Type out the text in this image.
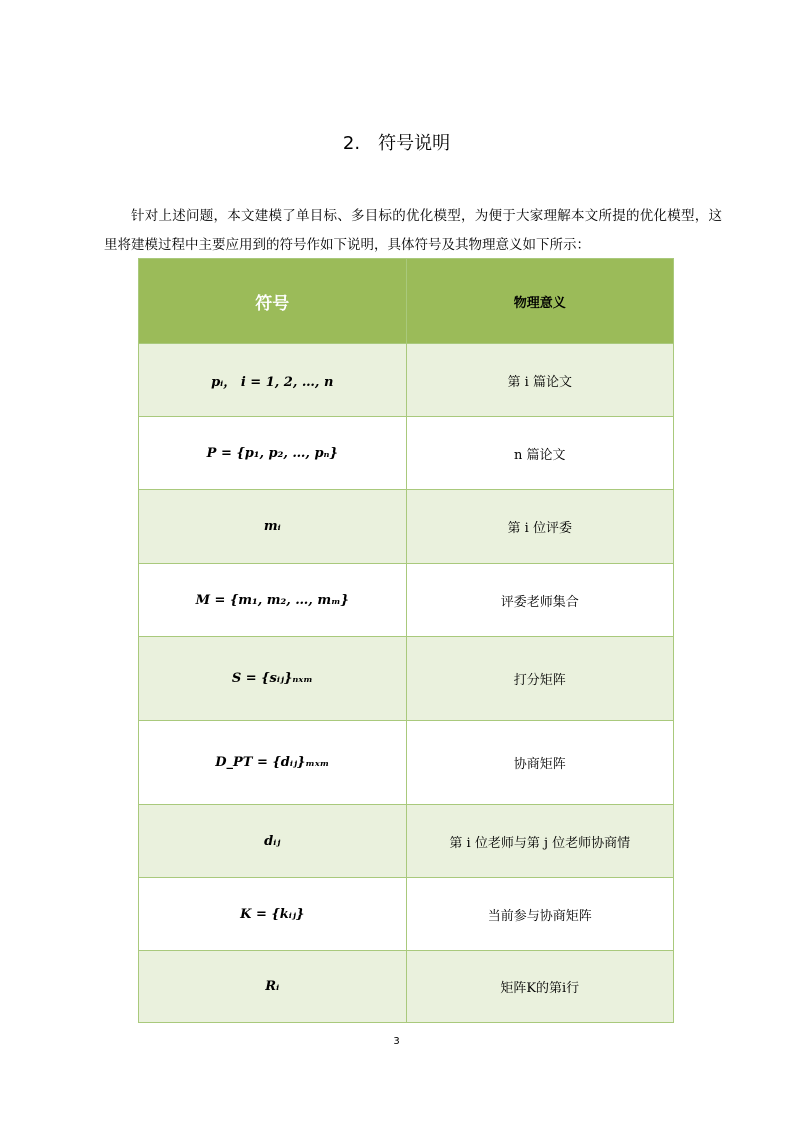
2. 符号说明

针对上述问题，本文建模了单目标、多目标的优化模型，为便于大家理解本文所提的优化模型，这里将建模过程中主要应用到的符号作如下说明，具体符号及其物理意义如下所示：

符号	物理意义
pᵢ， i = 1, 2, …, n	第 i 篇论文
P = {p₁, p₂, …, pₙ}	n 篇论文
mᵢ	第 i 位评委
M = {m₁, m₂, …, mₘ}	评委老师集合
S = {sᵢⱼ}ₙₓₘ	打分矩阵
D_PT = {dᵢⱼ}ₘₓₘ	协商矩阵
dᵢⱼ	第 i 位老师与第 j 位老师协商情
K = {kᵢⱼ}	当前参与协商矩阵
Rᵢ	矩阵K的第i行
3
